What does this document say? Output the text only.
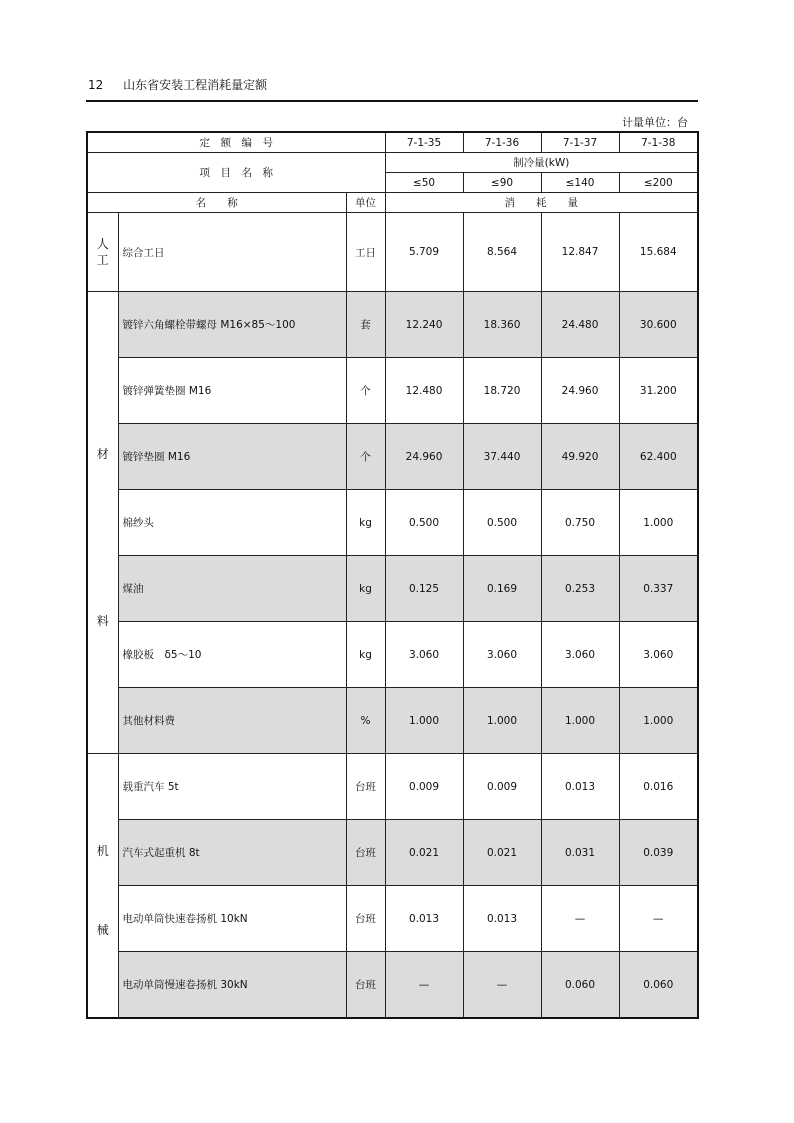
12 山东省安装工程消耗量定额
计量单位：台
定　额　编　号			7-1-35	7-1-36	7-1-37	7-1-38
项　目　名　称			制冷量(kW)			
			≤50	≤90	≤140	≤200
名　　称		单位	消　　耗　　量			
人
工	综合工日	工日	5.709	8.564	12.847	15.684

材
料	镀锌六角螺栓带螺母 M16×85～100	套	12.240	18.360	24.480	30.600
	镀锌弹簧垫圈 M16	个	12.480	18.720	24.960	31.200
	镀锌垫圈 M16	个	24.960	37.440	49.920	62.400
	棉纱头	kg	0.500	0.500	0.750	1.000
	煤油	kg	0.125	0.169	0.253	0.337
	橡胶板　δ5～10	kg	3.060	3.060	3.060	3.060
	其他材料费	%	1.000	1.000	1.000	1.000

机
械	载重汽车 5t	台班	0.009	0.009	0.013	0.016
	汽车式起重机 8t	台班	0.021	0.021	0.031	0.039
	电动单筒快速卷扬机 10kN	台班	0.013	0.013	—	—
	电动单筒慢速卷扬机 30kN	台班	—	—	0.060	0.060
